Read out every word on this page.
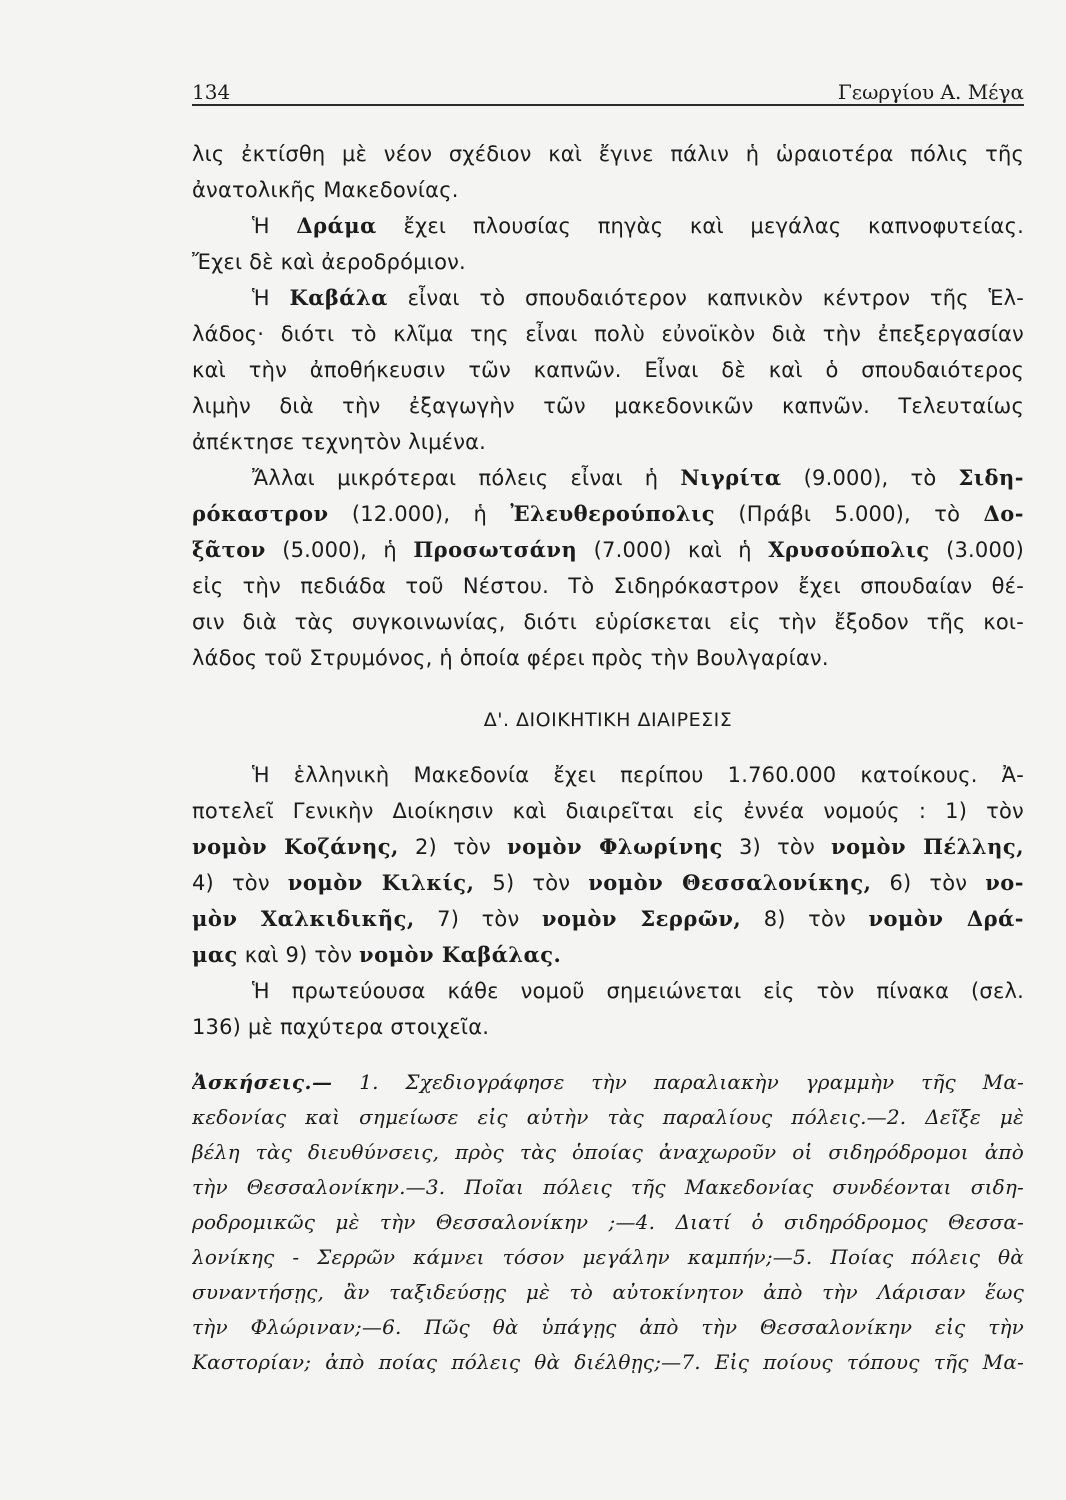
134	Γεωργίου Α. Μέγα
λις ἐκτίσθη μὲ νέον σχέδιον καὶ ἔγινε πάλιν ἡ ὡραιοτέρα πόλις τῆς
ἀνατολικῆς Μακεδονίας.
Ἡ Δράμα ἔχει πλουσίας πηγὰς καὶ μεγάλας καπνοφυτείας.
Ἔχει δὲ καὶ ἀεροδρόμιον.
Ἡ Καβάλα εἶναι τὸ σπουδαιότερον καπνικὸν κέντρον τῆς Ἑλ-
λάδος· διότι τὸ κλῖμα της εἶναι πολὺ εὐνοϊκὸν διὰ τὴν ἐπεξεργασίαν
καὶ τὴν ἀποθήκευσιν τῶν καπνῶν. Εἶναι δὲ καὶ ὁ σπουδαιότερος
λιμὴν διὰ τὴν ἐξαγωγὴν τῶν μακεδονικῶν καπνῶν. Τελευταίως
ἀπέκτησε τεχνητὸν λιμένα.
Ἄλλαι μικρότεραι πόλεις εἶναι ἡ Νιγρίτα (9.000), τὸ Σιδη-
ρόκαστρον (12.000), ἡ Ἐλευθερούπολις (Πράβι 5.000), τὸ Δο-
ξᾶτον (5.000), ἡ Προσωτσάνη (7.000) καὶ ἡ Χρυσούπολις (3.000)
εἰς τὴν πεδιάδα τοῦ Νέστου. Τὸ Σιδηρόκαστρον ἔχει σπουδαίαν θέ-
σιν διὰ τὰς συγκοινωνίας, διότι εὑρίσκεται εἰς τὴν ἔξοδον τῆς κοι-
λάδος τοῦ Στρυμόνος, ἡ ὁποία φέρει πρὸς τὴν Βουλγαρίαν.
Δ'. ΔΙΟΙΚΗΤΙΚΗ ΔΙΑΙΡΕΣΙΣ
Ἡ ἑλληνικὴ Μακεδονία ἔχει περίπου 1.760.000 κατοίκους. Ἀ-
ποτελεῖ Γενικὴν Διοίκησιν καὶ διαιρεῖται εἰς ἐννέα νομούς : 1) τὸν
νομὸν Κοζάνης, 2) τὸν νομὸν Φλωρίνης 3) τὸν νομὸν Πέλλης,
4) τὸν νομὸν Κιλκίς, 5) τὸν νομὸν Θεσσαλονίκης, 6) τὸν νο-
μὸν Χαλκιδικῆς, 7) τὸν νομὸν Σερρῶν, 8) τὸν νομὸν Δρά-
μας καὶ 9) τὸν νομὸν Καβάλας.
Ἡ πρωτεύουσα κάθε νομοῦ σημειώνεται εἰς τὸν πίνακα (σελ.
136) μὲ παχύτερα στοιχεῖα.
Ἀσκήσεις.— 1. Σχεδιογράφησε τὴν παραλιακὴν γραμμὴν τῆς Μα-
κεδονίας καὶ σημείωσε εἰς αὐτὴν τὰς παραλίους πόλεις.—2. Δεῖξε μὲ
βέλη τὰς διευθύνσεις, πρὸς τὰς ὁποίας ἀναχωροῦν οἱ σιδηρόδρομοι ἀπὸ
τὴν Θεσσαλονίκην.—3. Ποῖαι πόλεις τῆς Μακεδονίας συνδέονται σιδη-
ροδρομικῶς μὲ τὴν Θεσσαλονίκην ;—4. Διατί ὁ σιδηρόδρομος Θεσσα-
λονίκης - Σερρῶν κάμνει τόσον μεγάλην καμπήν;—5. Ποίας πόλεις θὰ
συναντήσῃς, ἂν ταξιδεύσῃς μὲ τὸ αὐτοκίνητον ἀπὸ τὴν Λάρισαν ἕως
τὴν Φλώριναν;—6. Πῶς θὰ ὑπάγῃς ἀπὸ τὴν Θεσσαλονίκην εἰς τὴν
Καστορίαν; ἀπὸ ποίας πόλεις θὰ διέλθῃς;—7. Εἰς ποίους τόπους τῆς Μα-
